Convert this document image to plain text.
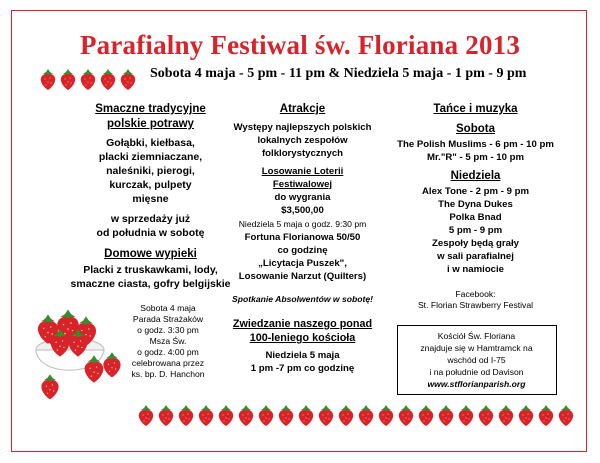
Parafialny Festiwal św. Floriana 2013
Sobota 4 maja - 5 pm - 11 pm & Niedziela 5 maja - 1 pm - 9 pm
Smaczne tradycyjne
polskie potrawy
Gołąbki, kiełbasa,
placki ziemniaczane,
naleśniki, pierogi,
kurczak, pulpety
mięsne
w sprzedaży już
od południa w sobotę
Domowe wypieki
Placki z truskawkami, lody,
smaczne ciasta, gofry belgijskie
Sobota 4 maja
Parada Strażaków
o godz. 3:30 pm
Msza Św.
o godz. 4:00 pm
celebrowana przez
ks. bp. D. Hanchon
Atrakcje
Występy najlepszych polskich
lokalnych zespołów
folklorystycznych
Losowanie Loterii
Festiwalowej
do wygrania
$3,500,00
Niedziela 5 maja o godz. 9:30 pm
Fortuna Florianowa 50/50
co godzinę
„Licytacja Puszek",
Losowanie Narzut (Quilters)
Spotkanie Absolwentów w sobotę!
Zwiedzanie naszego ponad
100-leniego kościoła
Niedziela 5 maja
1 pm -7 pm co godzinę
Tańce i muzyka
Sobota
The Polish Muslims - 6 pm - 10 pm
Mr."R" - 5 pm - 10 pm
Niedziela
Alex Tone - 2 pm - 9 pm
The Dyna Dukes
Polka Bnad
5 pm - 9 pm
Zespoły będą grały
w sali parafialnej
i w namiocie
Facebook:
St. Florian Strawberry Festival
Kościół Św. Floriana
znajduje się w Hamtramck na
wschód od I-75
i na południe od Davison
www.stflorianparish.org
